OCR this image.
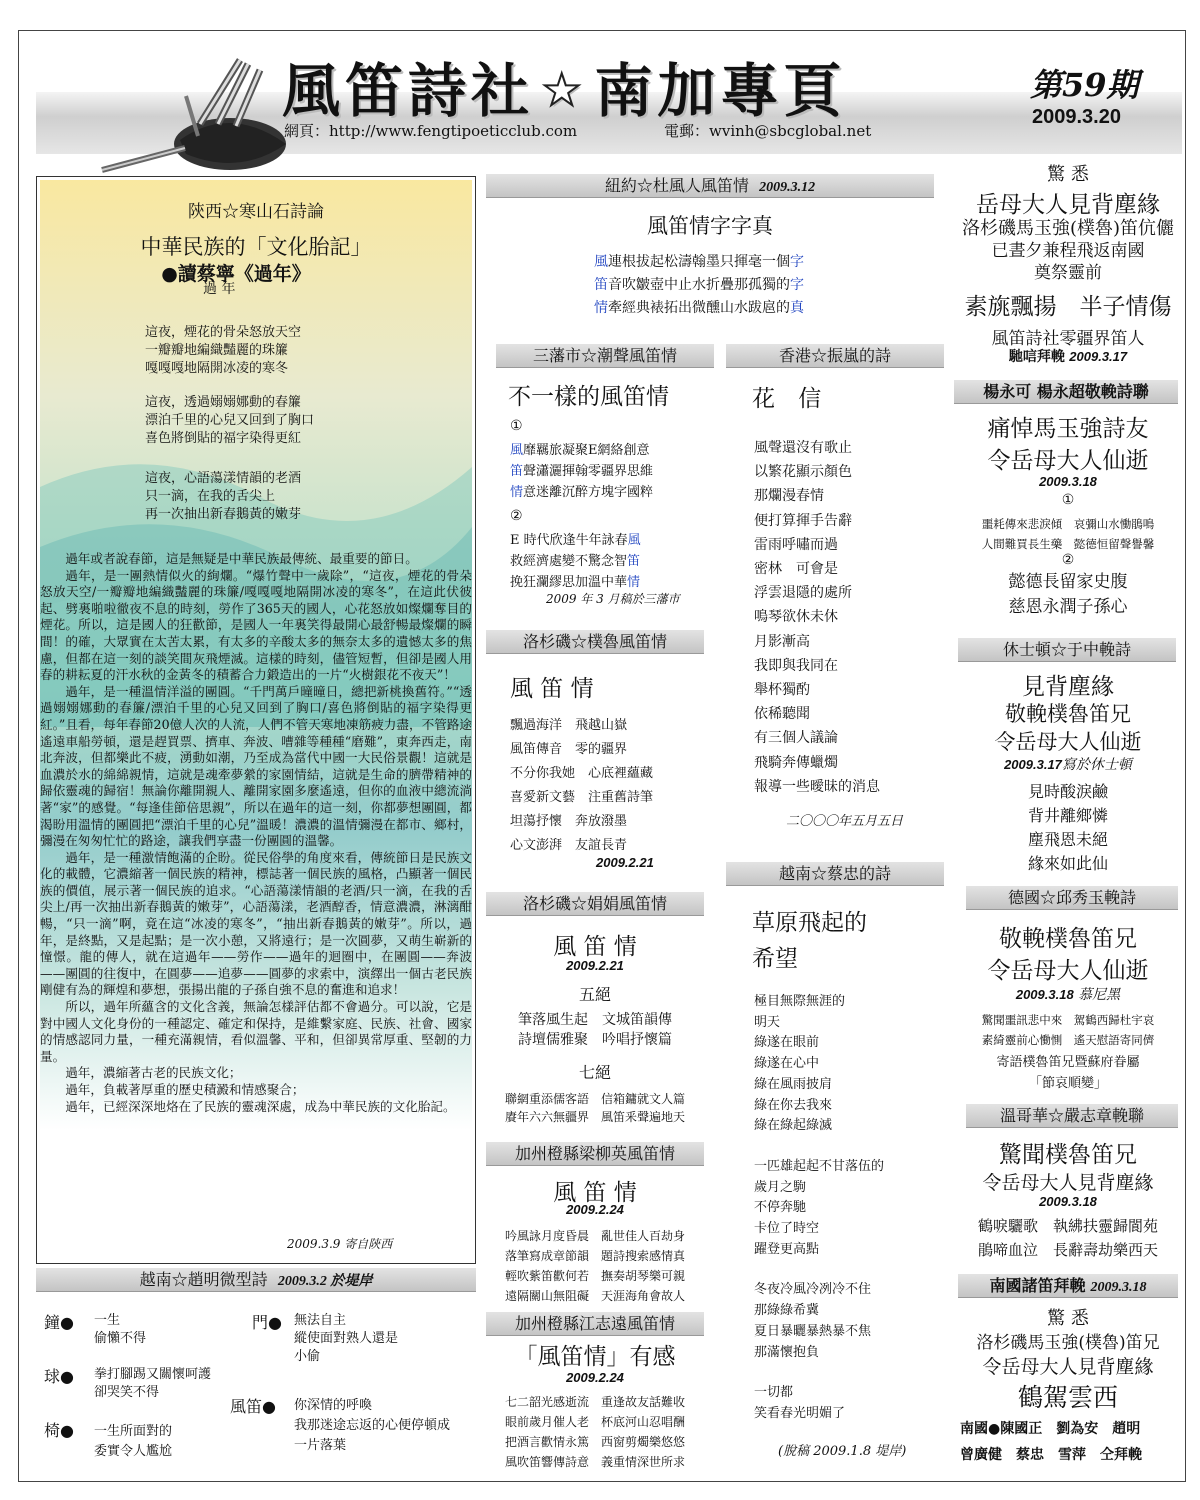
風笛詩社 ★ 南加專頁
網頁：http://www.fengtipoeticclub.com	電郵：wvinh@sbcglobal.net
第59期
2009.3.20
陝西☆寒山石詩論
中華民族的「文化胎記」
●讀蔡寧《過年》
過 年
這夜，煙花的骨朵怒放天空
一瓣瓣地編織豔麗的珠簾
嘎嘎嘎地隔開冰凌的寒冬
這夜，透過嫋嫋娜動的春簾
漂泊千里的心兒又回到了胸口
喜色將倒貼的福字染得更紅
這夜，心語蕩漾情韻的老酒
只一滴，在我的舌尖上
再一次抽出新春鵝黃的嫩芽

過年或者說春節，這是無疑是中華民族最傳統、最重要的節日。

過年，是一團熱情似火的絢爛。“爆竹聲中一歲除”，“這夜，煙花的骨朵怒放天空/一瓣瓣地編織豔麗的珠簾/嘎嘎嘎地隔開冰凌的寒冬”，在這此伏彼起、劈裏啪啦徹夜不息的時刻，勞作了365天的國人，心花怒放如燦爛奪目的煙花。所以，這是國人的狂歡節，是國人一年裏笑得最開心最舒暢最燦爛的瞬間！的確，大眾實在太苦太累，有太多的辛酸太多的無奈太多的遺憾太多的焦慮，但都在這一刻的談笑間灰飛煙滅。這樣的時刻，儘管短暫，但卻是國人用春的耕耘夏的汗水秋的金黃冬的積蓄合力鍛造出的一片“火樹銀花不夜天”！

過年，是一種溫情洋溢的團圓。“千門萬戶曈曈日，總把新桃換舊符。”“透過嫋嫋娜動的春簾/漂泊千里的心兒又回到了胸口/喜色將倒貼的福字染得更紅。”且看，每年春節20億人次的人流，人們不管天寒地凍筋疲力盡，不管路途遙遠車船勞頓，還是趕買票、擠車、奔波、嘈雜等種種“磨難”，東奔西走，南北奔波，但都樂此不疲，湧動如潮，乃至成為當代中國一大民俗景觀！這就是血濃於水的綿綿親情，這就是魂牽夢縈的家園情結，這就是生命的臍帶精神的歸依靈魂的歸宿！無論你離開親人、離開家園多麼遙遠，但你的血液中總流淌著“家”的感覺。“每逢佳節倍思親”，所以在過年的這一刻，你都夢想團圓，都渴盼用溫情的團圓把“漂泊千里的心兒”溫暖！濃濃的溫情彌漫在都市、鄉村，彌漫在匆匆忙忙的路途，讓我們享盡一份團圓的溫馨。

過年，是一種激情飽滿的企盼。從民俗學的角度來看，傳統節日是民族文化的載體，它濃縮著一個民族的精神，標誌著一個民族的風格，凸顯著一個民族的價值，展示著一個民族的追求。“心語蕩漾情韻的老酒/只一滴，在我的舌尖上/再一次抽出新春鵝黃的嫩芽”，心語蕩漾，老酒醇香，情意濃濃，淋漓酣暢，“只一滴”啊，竟在這“冰凌的寒冬”，“抽出新春鵝黃的嫩芽”。所以，過年，是終點，又是起點；是一次小憩，又將遠行；是一次圓夢，又萌生嶄新的憧憬。龍的傳人，就在這過年——勞作——過年的迴圈中，在團圓——奔波——團圓的往復中，在圓夢——追夢——圓夢的求索中，演繹出一個古老民族剛健有為的輝煌和夢想，張揚出龍的子孫自強不息的奮進和追求！

所以，過年所蘊含的文化含義，無論怎樣評估都不會過分。可以說，它是對中國人文化身份的一種認定、確定和保持，是維繫家庭、民族、社會、國家的情感認同力量，一種充滿親情，看似溫馨、平和，但卻異常厚重、堅韌的力量。

過年，濃縮著古老的民族文化；

過年，負載著厚重的歷史積澱和情感聚合；

過年，已經深深地烙在了民族的靈魂深處，成為中華民族的文化胎記。

2009.3.9 寄自陝西
越南☆趙明微型詩 2009.3.2 於堤岸
鐘● 一生
偷懶不得
球● 拳打腳踢又關懷呵護
卻哭笑不得
椅● 一生所面對的
委實令人尷尬
門● 無法自主
縱使面對熟人還是
小偷
風笛● 你深情的呼喚
我那迷途忘返的心便停頓成
一片落葉
紐約☆杜風人風笛情 2009.3.12
風笛情字字真
風連根拔起松濤翰墨只揮毫一個字
笛音吹皺壺中止水折疊那孤獨的字
情牽經典裱拓出微醺山水跋扈的真
三藩市☆潮聲風笛情
不一樣的風笛情
①
風靡羈旅凝聚E網絡創意
笛聲瀟灑揮翰零疆界思維
情意迷離沉醉方塊字國粹
②
E 時代欣逢牛年詠春風
救經濟處變不驚念智笛
挽狂瀾繆思加溫中華情
2009 年 3 月稿於三藩市
洛杉磯☆樸魯風笛情
風 笛 情
飄過海洋　飛越山嶽
風笛傳音　零的疆界
不分你我她　心底裡蘊藏
喜愛新文藝　注重舊詩筆
坦蕩抒懷　奔放潑墨
心文澎湃　友誼長青
2009.2.21
洛杉磯☆娟娟風笛情
風 笛 情
2009.2.21
五絕
筆落風生起　文城笛韻傳
詩壇儒雅聚　吟唱抒懷篇
七絕
聯網重添儒客語　信箱鏞就文人篇
賡年六六無疆界　風笛釆聲遍地天
加州橙縣梁柳英風笛情
風 笛 情
2009.2.24
吟風詠月度昏晨　亂世佳人百劫身
落筆寫成章節韻　題詩搜索感情真
輕吹紫笛歡何若　撫奏胡琴樂可親
遠隔關山無阻礙　天涯海角會故人
加州橙縣江志遠風笛情
「風笛情」有感
2009.2.24
七二韶光感逝流　重逢故友話難收
眼前歲月催人老　杯底河山忍唱酬
把酒言歡情永篤　西窗剪燭樂悠悠
風吹笛響傳詩意　義重情深世所求
香港☆振嵐的詩
花 信
風聲還沒有歌止
以繁花顯示顏色
那爛漫春情
便打算揮手告辭
雷雨呼嘯而過
密林　可會是
浮雲退隱的處所
鳴琴欲休未休
月影漸高
我即與我同在
舉杯獨酌
依稀聽聞
有三個人議論
飛騎奔傳蠟燭
報導一些曖昧的消息
二〇〇〇年五月五日
越南☆蔡忠的詩
草原飛起的
希望
極目無際無涯的
明天
綠遂在眼前
綠遂在心中
綠在風雨披肩
綠在你去我來
綠在綠起綠滅
一匹雄起起不甘落伍的
歲月之駒
不停奔馳
卡位了時空
躍登更高點
冬夜冷風冷冽冷不住
那綠綠希冀
夏日暴曬暴熱暴不焦
那滿懷抱負
一切都
笑看春光明媚了
(脫稿 2009.1.8 堤岸)
驚 悉
岳母大人見背塵緣
洛杉磯馬玉強(樸魯)笛伉儷
已晝夕兼程飛返南國
奠祭靈前
素旐飄揚　半子情傷
風笛詩社零疆界笛人
馳唁拜輓 2009.3.17
楊永可 楊永超敬輓詩聯
痛悼馬玉強詩友
令岳母大人仙逝
2009.3.18
①
噩耗傳來悲淚傾　哀彌山水慟鵑鳴
人間難買長生藥　懿德恒留聲譽馨
②
懿德長留家史腹
慈恩永潤子孫心
休士頓☆于中輓詩
見背塵緣
敬輓樸魯笛兄
令岳母大人仙逝
2009.3.17寫於休士頓
見時酸淚鹼
背井離鄉憐
塵飛恩未絕
緣來如此仙
德國☆邱秀玉輓詩
敬輓樸魯笛兄
令岳母大人仙逝
2009.3.18 慕尼黑
驚聞噩訊悲中來　駕鶴西歸杜宇哀
素綺靈前心慟惻　遙天慰語寄同儕
寄語樸魯笛兄暨蘇府眷屬
「節哀順變」
溫哥華☆嚴志章輓聯
驚聞樸魯笛兄
令岳母大人見背塵緣
2009.3.18
鶴唳驪歌　執紼扶靈歸閬苑
鵑啼血泣　長辭壽劫樂西天
南國諸笛拜輓 2009.3.18
驚 悉
洛杉磯馬玉強(樸魯)笛兄
令岳母大人見背塵緣
鶴駕雲西
南國●陳國正　劉為安　趙明
曾廣健　蔡忠　雪萍　仝拜輓
